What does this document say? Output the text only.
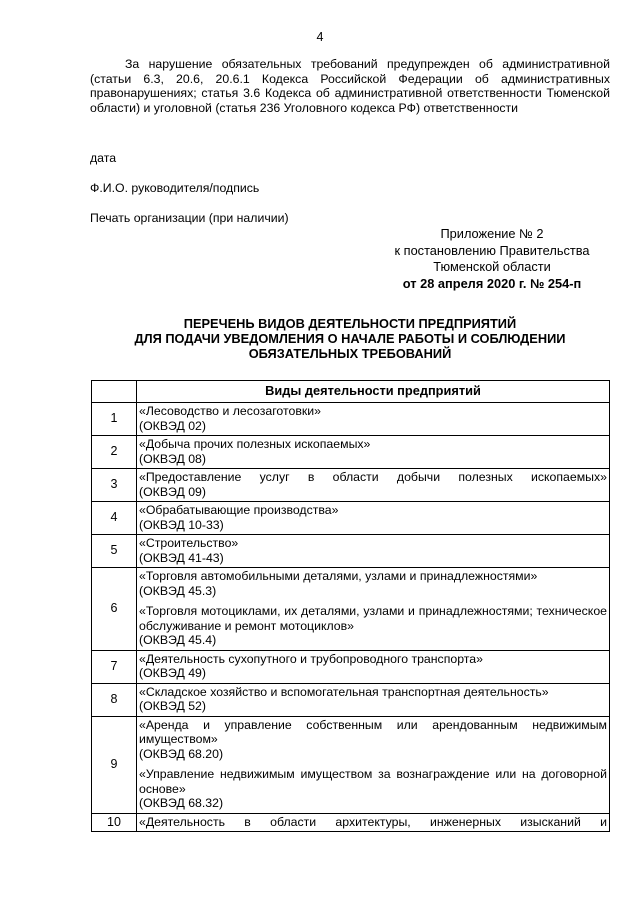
4
За нарушение обязательных требований предупрежден об административной (статьи 6.3, 20.6, 20.6.1 Кодекса Российской Федерации об административных правонарушениях; статья 3.6 Кодекса об административной ответственности Тюменской области) и уголовной (статья 236 Уголовного кодекса РФ) ответственности
дата
Ф.И.О. руководителя/подпись
Печать организации (при наличии)
Приложение № 2
к постановлению Правительства
Тюменской области
от 28 апреля 2020 г. № 254-п
ПЕРЕЧЕНЬ ВИДОВ ДЕЯТЕЛЬНОСТИ ПРЕДПРИЯТИЙ
ДЛЯ ПОДАЧИ УВЕДОМЛЕНИЯ О НАЧАЛЕ РАБОТЫ И СОБЛЮДЕНИИ
ОБЯЗАТЕЛЬНЫХ ТРЕБОВАНИЙ
	Виды деятельности предприятий
1	«Лесоводство и лесозаготовки»
(ОКВЭД 02)

2	«Добыча прочих полезных ископаемых»
(ОКВЭД 08)

3	«Предоставление услуг в области добычи полезных ископаемых»
(ОКВЭД 09)

4	«Обрабатывающие производства»
(ОКВЭД 10-33)

5	«Строительство»
(ОКВЭД 41-43)

6	«Торговля автомобильными деталями, узлами и принадлежностями»
(ОКВЭД 45.3)
«Торговля мотоциклами, их деталями, узлами и принадлежностями; техническое обслуживание и ремонт мотоциклов»
(ОКВЭД 45.4)

7	«Деятельность сухопутного и трубопроводного транспорта»
(ОКВЭД 49)

8	«Складское хозяйство и вспомогательная транспортная деятельность»
(ОКВЭД 52)

9	«Аренда и управление собственным или арендованным недвижимым имуществом»
(ОКВЭД 68.20)
«Управление недвижимым имуществом за вознаграждение или на договорной основе»
(ОКВЭД 68.32)

10	«Деятельность в области архитектуры, инженерных изысканий и
